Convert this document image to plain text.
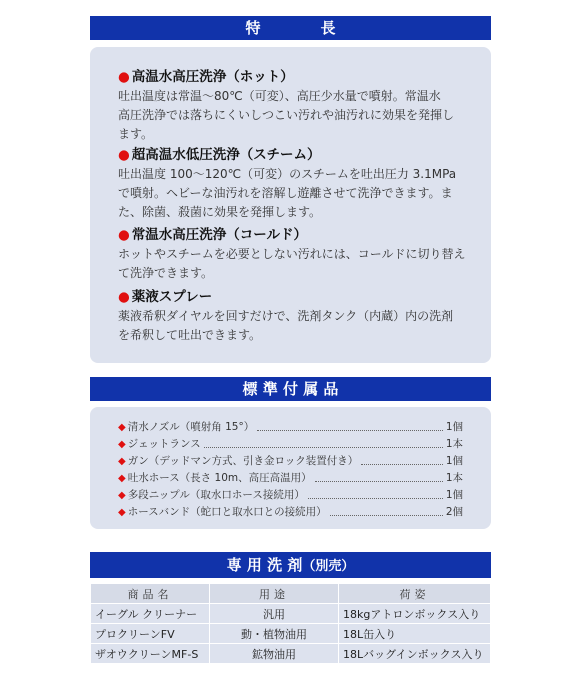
特　　　　長
● 高温水高圧洗浄（ホット）
吐出温度は常温～80℃（可変）、高圧少水量で噴射。常温水
高圧洗浄では落ちにくいしつこい汚れや油汚れに効果を発揮し
ます。
● 超高温水低圧洗浄（スチーム）
吐出温度 100～120℃（可変）のスチームを吐出圧力 3.1MPa
で噴射。ヘビーな油汚れを溶解し遊離させて洗浄できます。ま
た、除菌、殺菌に効果を発揮します。
● 常温水高圧洗浄（コールド）
ホットやスチームを必要としない汚れには、コールドに切り替え
て洗浄できます。
● 薬液スプレー
薬液希釈ダイヤルを回すだけで、洗剤タンク（内蔵）内の洗剤
を希釈して吐出できます。
標 準 付 属 品
◆ 清水ノズル（噴射角 15°）	1個
◆ ジェットランス	1本
◆ ガン（デッドマン方式、引き金ロック装置付き）	1個
◆ 吐水ホース（長さ 10m、高圧高温用）	1本
◆ 多段ニップル（取水口ホース接続用）	1個
◆ ホースバンド（蛇口と取水口との接続用）	2個
専 用 洗 剤（別売）
商品名	用途	荷姿
イーグル クリーナー	汎用	18kgアトロンボックス入り
プロクリーンFV	動・植物油用	18L缶入り
ザオウクリーンMF-S	鉱物油用	18Lバッグインボックス入り
